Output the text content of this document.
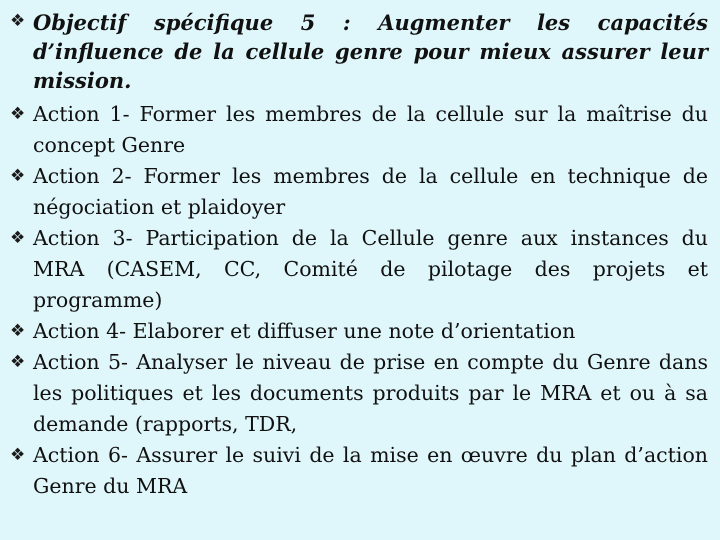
❖ Objectif spécifique 5 : Augmenter les capacités d’influence de la cellule genre pour mieux assurer leur mission.

❖ Action 1- Former les membres de la cellule sur la maîtrise du concept Genre

❖ Action 2- Former les membres de la cellule en technique de négociation et plaidoyer

❖ Action 3- Participation de la Cellule genre aux instances du MRA (CASEM, CC, Comité de pilotage des projets et programme)

❖ Action 4- Elaborer et diffuser une note d’orientation

❖ Action 5- Analyser le niveau de prise en compte du Genre dans les politiques et les documents produits par le MRA et ou à sa demande (rapports, TDR,

❖ Action 6- Assurer le suivi de la mise en œuvre du plan d’action Genre du MRA
